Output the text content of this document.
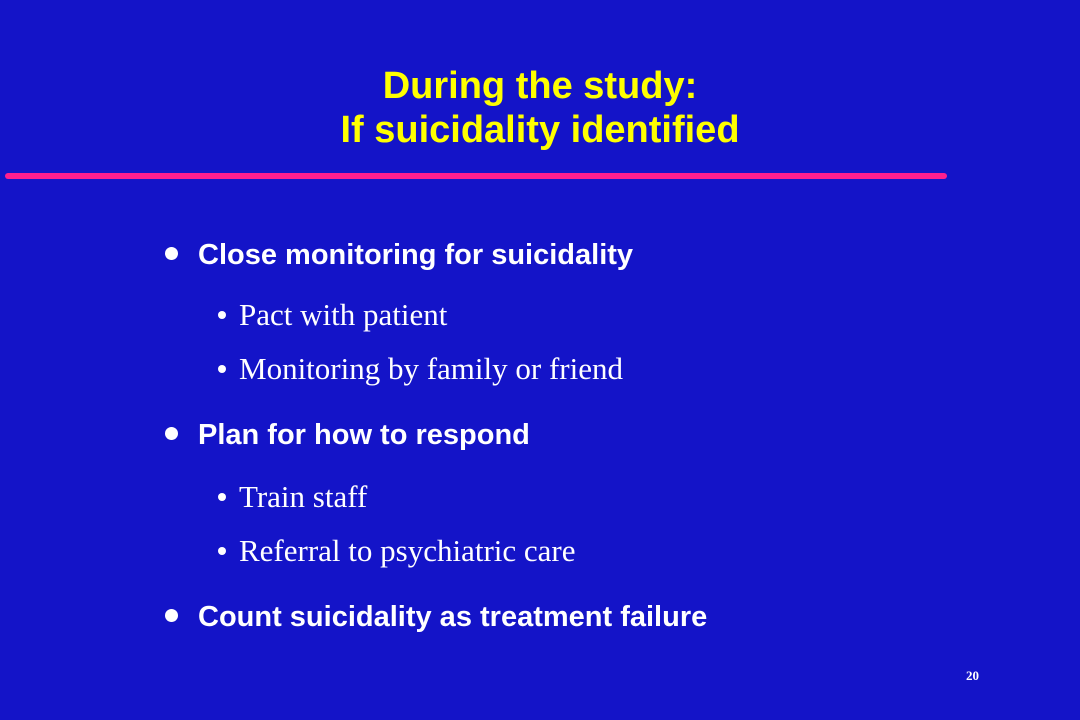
During the study:
If suicidality identified
Close monitoring for suicidality
Pact with patient
Monitoring by family or friend
Plan for how to respond
Train staff
Referral to psychiatric care
Count suicidality as treatment failure
20
